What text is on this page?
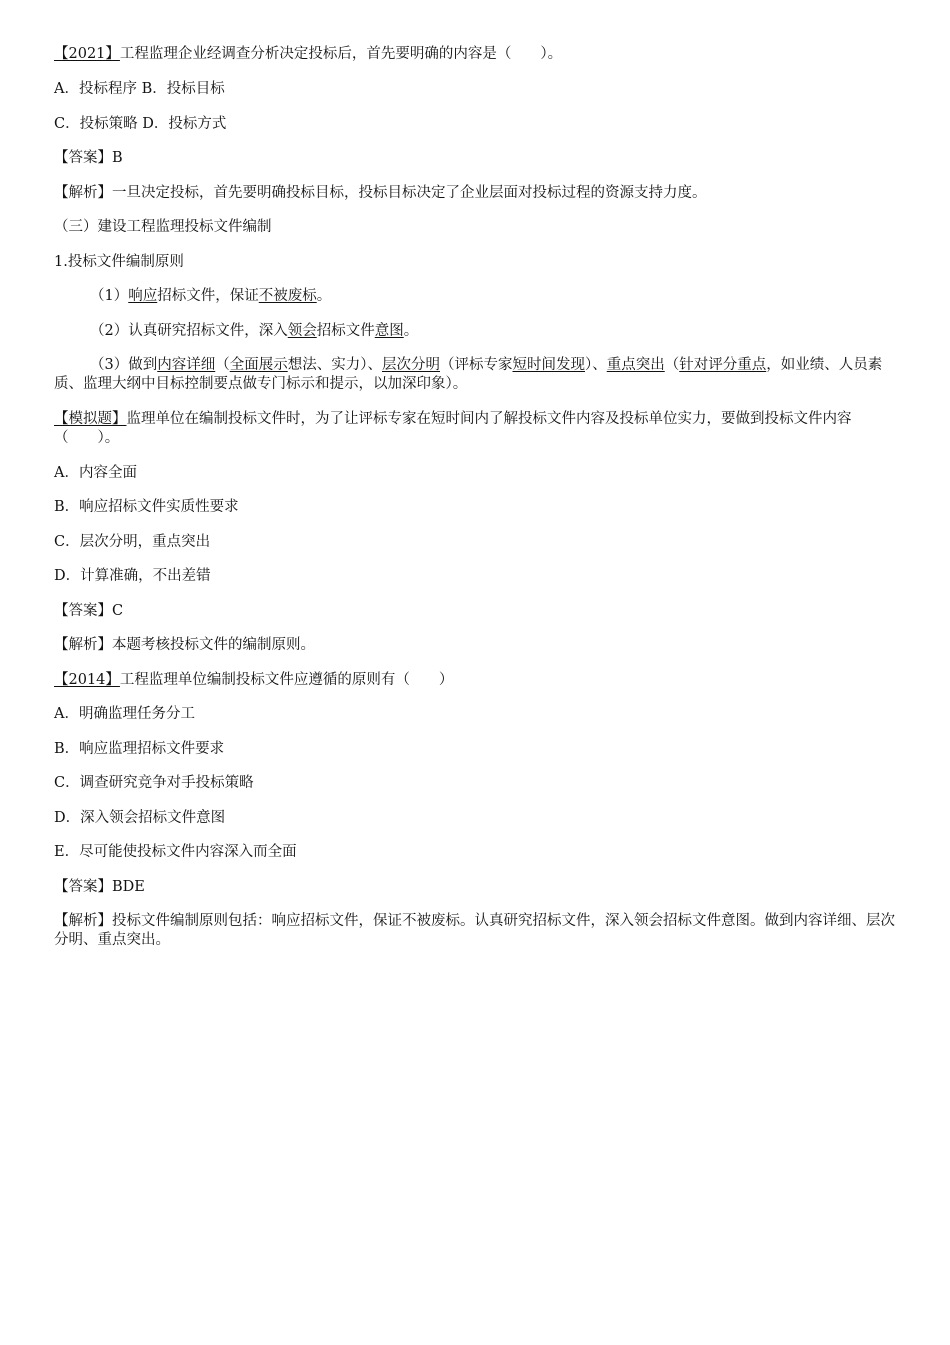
【2021】工程监理企业经调查分析决定投标后，首先要明确的内容是（　　）。
A．投标程序 B．投标目标
C．投标策略 D．投标方式
【答案】B
【解析】一旦决定投标，首先要明确投标目标，投标目标决定了企业层面对投标过程的资源支持力度。
（三）建设工程监理投标文件编制
1.投标文件编制原则
（1）响应招标文件，保证不被废标。
（2）认真研究招标文件，深入领会招标文件意图。
（3）做到内容详细（全面展示想法、实力）、层次分明（评标专家短时间发现）、重点突出（针对评分重点，如业绩、人员素质、监理大纲中目标控制要点做专门标示和提示，以加深印象）。
【模拟题】监理单位在编制投标文件时，为了让评标专家在短时间内了解投标文件内容及投标单位实力，要做到投标文件内容（　　）。
A．内容全面
B．响应招标文件实质性要求
C．层次分明，重点突出
D．计算准确，不出差错
【答案】C
【解析】本题考核投标文件的编制原则。
【2014】工程监理单位编制投标文件应遵循的原则有（　　）
A．明确监理任务分工
B．响应监理招标文件要求
C．调查研究竞争对手投标策略
D．深入领会招标文件意图
E．尽可能使投标文件内容深入而全面
【答案】BDE
【解析】投标文件编制原则包括：响应招标文件，保证不被废标。认真研究招标文件，深入领会招标文件意图。做到内容详细、层次分明、重点突出。
